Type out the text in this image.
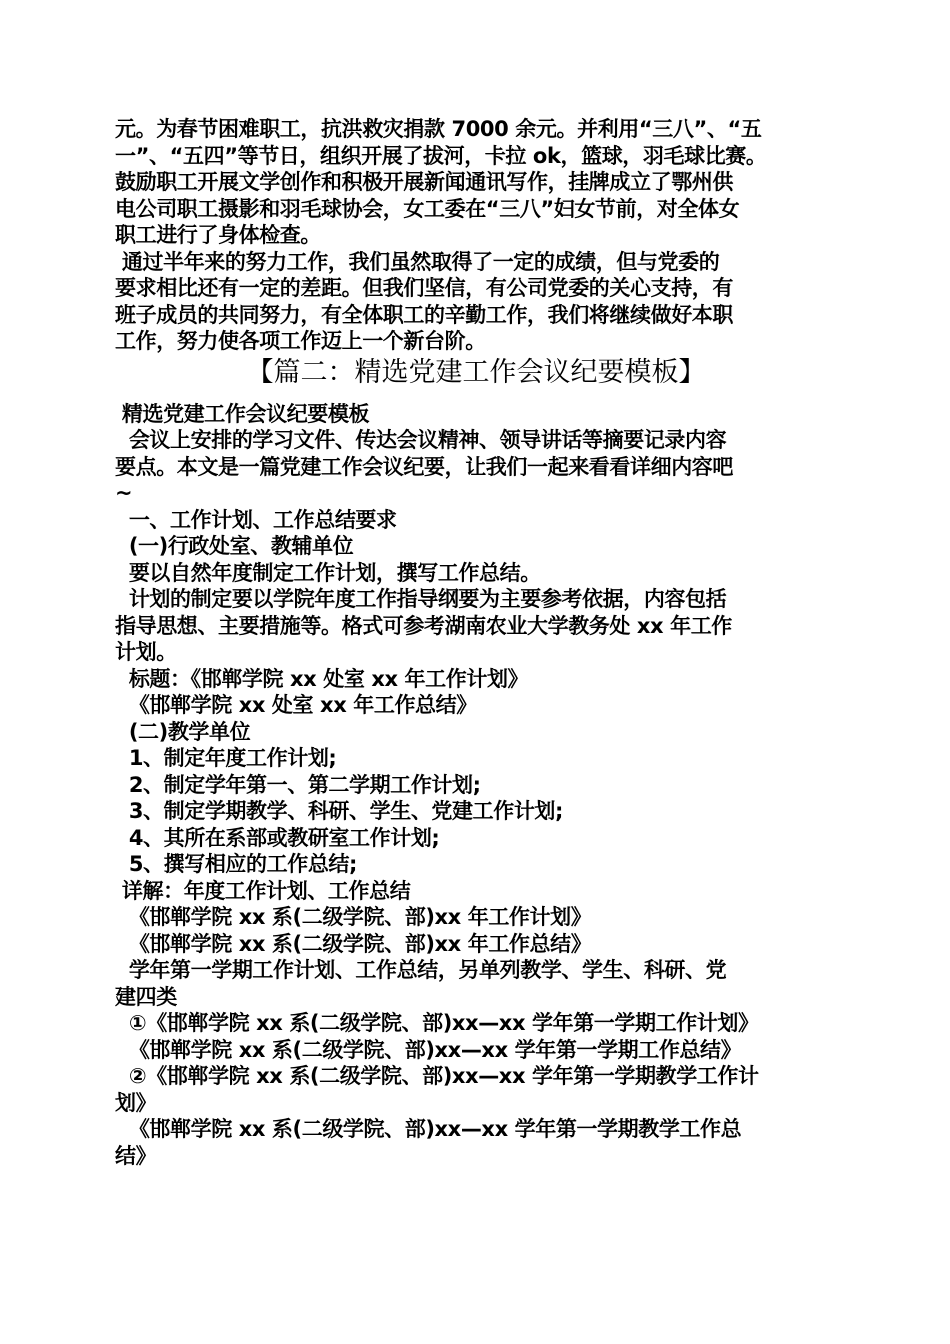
元。为春节困难职工，抗洪救灾捐款 7000 余元。并利用“三八”、“五

一”、“五四”等节日，组织开展了拔河，卡拉 ok，篮球，羽毛球比赛。

鼓励职工开展文学创作和积极开展新闻通讯写作，挂牌成立了鄂州供

电公司职工摄影和羽毛球协会，女工委在“三八”妇女节前，对全体女

职工进行了身体检查。

通过半年来的努力工作，我们虽然取得了一定的成绩，但与党委的

要求相比还有一定的差距。但我们坚信，有公司党委的关心支持，有

班子成员的共同努力，有全体职工的辛勤工作，我们将继续做好本职

工作，努力使各项工作迈上一个新台阶。

【篇二：精选党建工作会议纪要模板】

精选党建工作会议纪要模板

会议上安排的学习文件、传达会议精神、领导讲话等摘要记录内容

要点。本文是一篇党建工作会议纪要，让我们一起来看看详细内容吧

~

一、工作计划、工作总结要求

(一)行政处室、教辅单位

要以自然年度制定工作计划，撰写工作总结。

计划的制定要以学院年度工作指导纲要为主要参考依据，内容包括

指导思想、主要措施等。格式可参考湖南农业大学教务处 xx 年工作

计划。

标题：《邯郸学院 xx 处室 xx 年工作计划》

《邯郸学院 xx 处室 xx 年工作总结》

(二)教学单位

1、制定年度工作计划;

2、制定学年第一、第二学期工作计划;

3、制定学期教学、科研、学生、党建工作计划;

4、其所在系部或教研室工作计划;

5、撰写相应的工作总结;

详解：年度工作计划、工作总结

《邯郸学院 xx 系(二级学院、部)xx 年工作计划》

《邯郸学院 xx 系(二级学院、部)xx 年工作总结》

学年第一学期工作计划、工作总结，另单列教学、学生、科研、党

建四类

①《邯郸学院 xx 系(二级学院、部)xx—xx 学年第一学期工作计划》

《邯郸学院 xx 系(二级学院、部)xx—xx 学年第一学期工作总结》

②《邯郸学院 xx 系(二级学院、部)xx—xx 学年第一学期教学工作计

划》

《邯郸学院 xx 系(二级学院、部)xx—xx 学年第一学期教学工作总

结》
